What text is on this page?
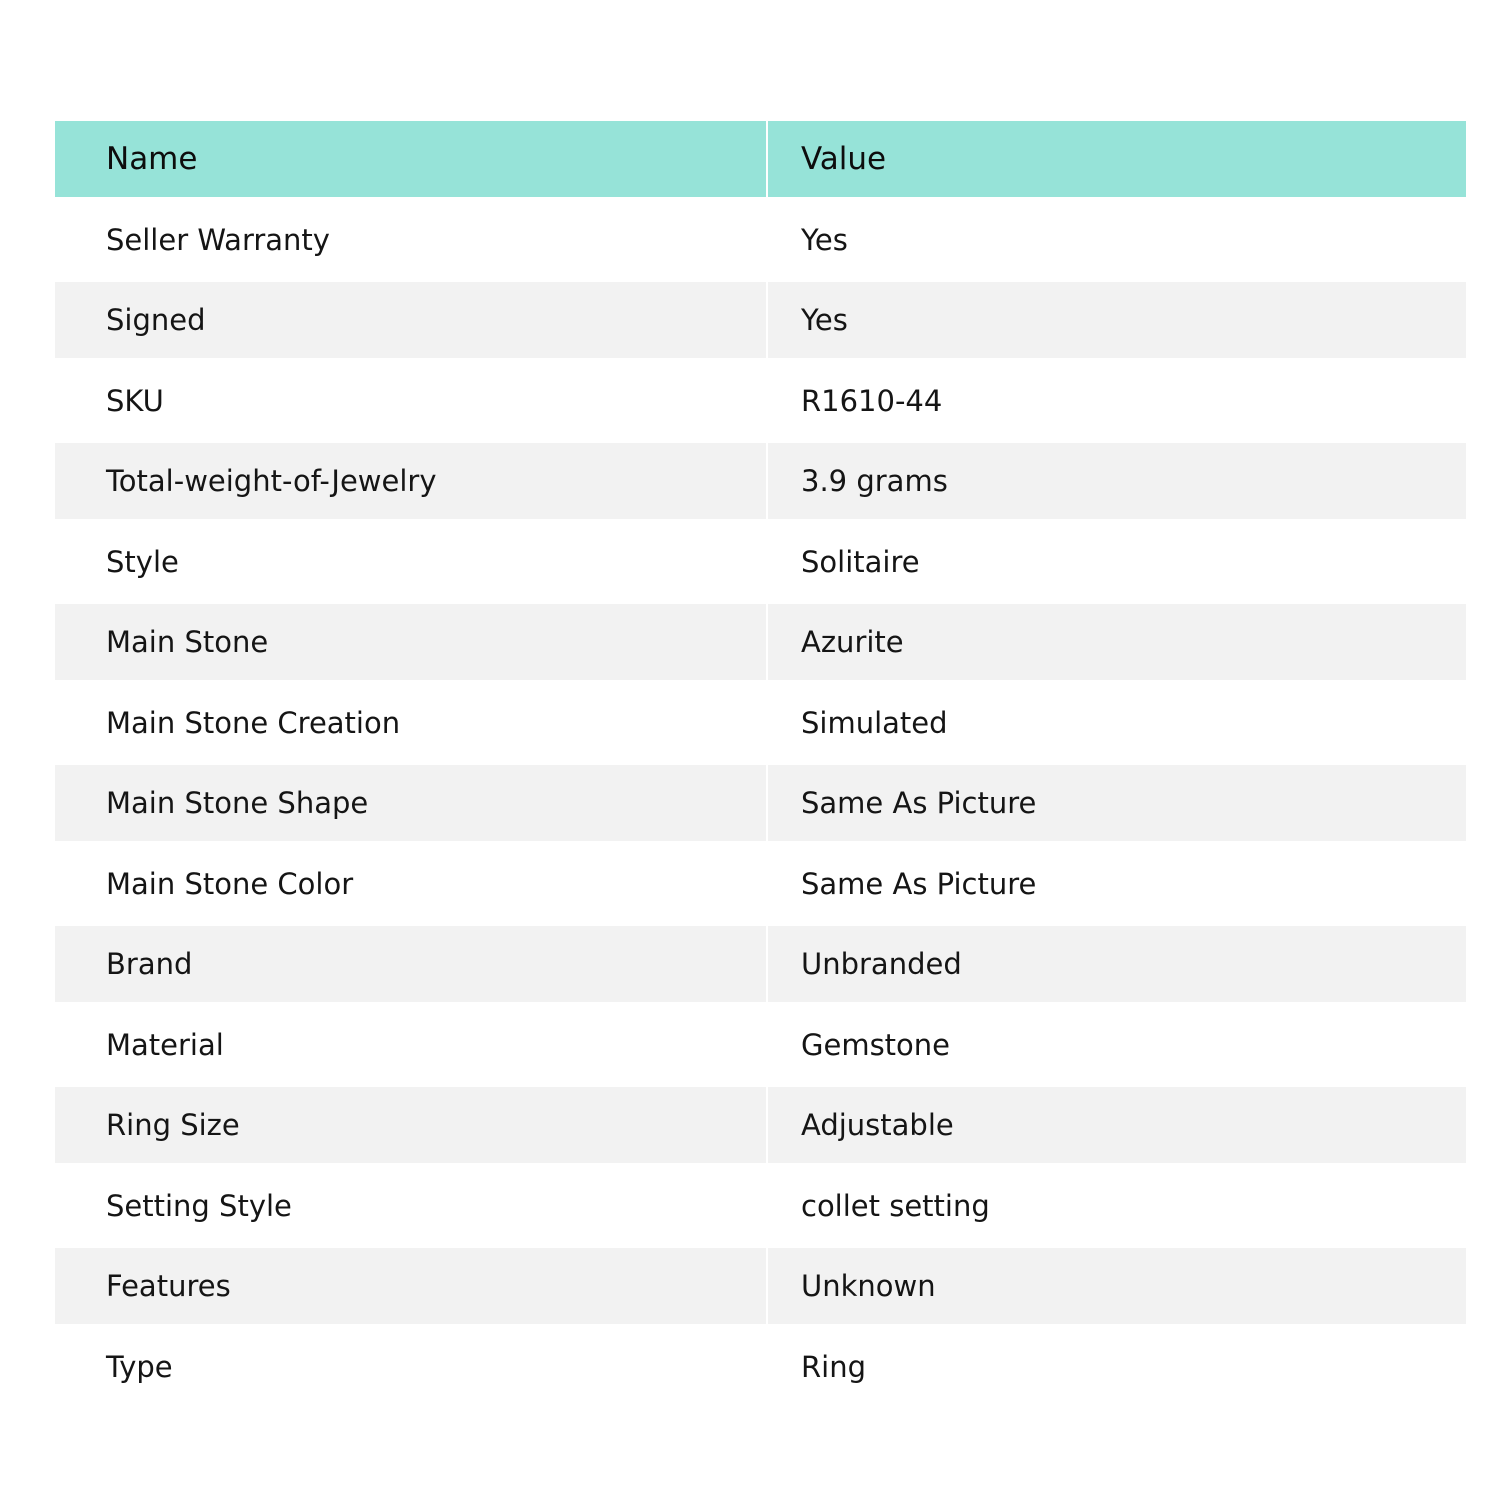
Name	Value
Seller Warranty	Yes
Signed	Yes
SKU	R1610-44
Total-weight-of-Jewelry	3.9 grams
Style	Solitaire
Main Stone	Azurite
Main Stone Creation	Simulated
Main Stone Shape	Same As Picture
Main Stone Color	Same As Picture
Brand	Unbranded
Material	Gemstone
Ring Size	Adjustable
Setting Style	collet setting
Features	Unknown
Type	Ring
